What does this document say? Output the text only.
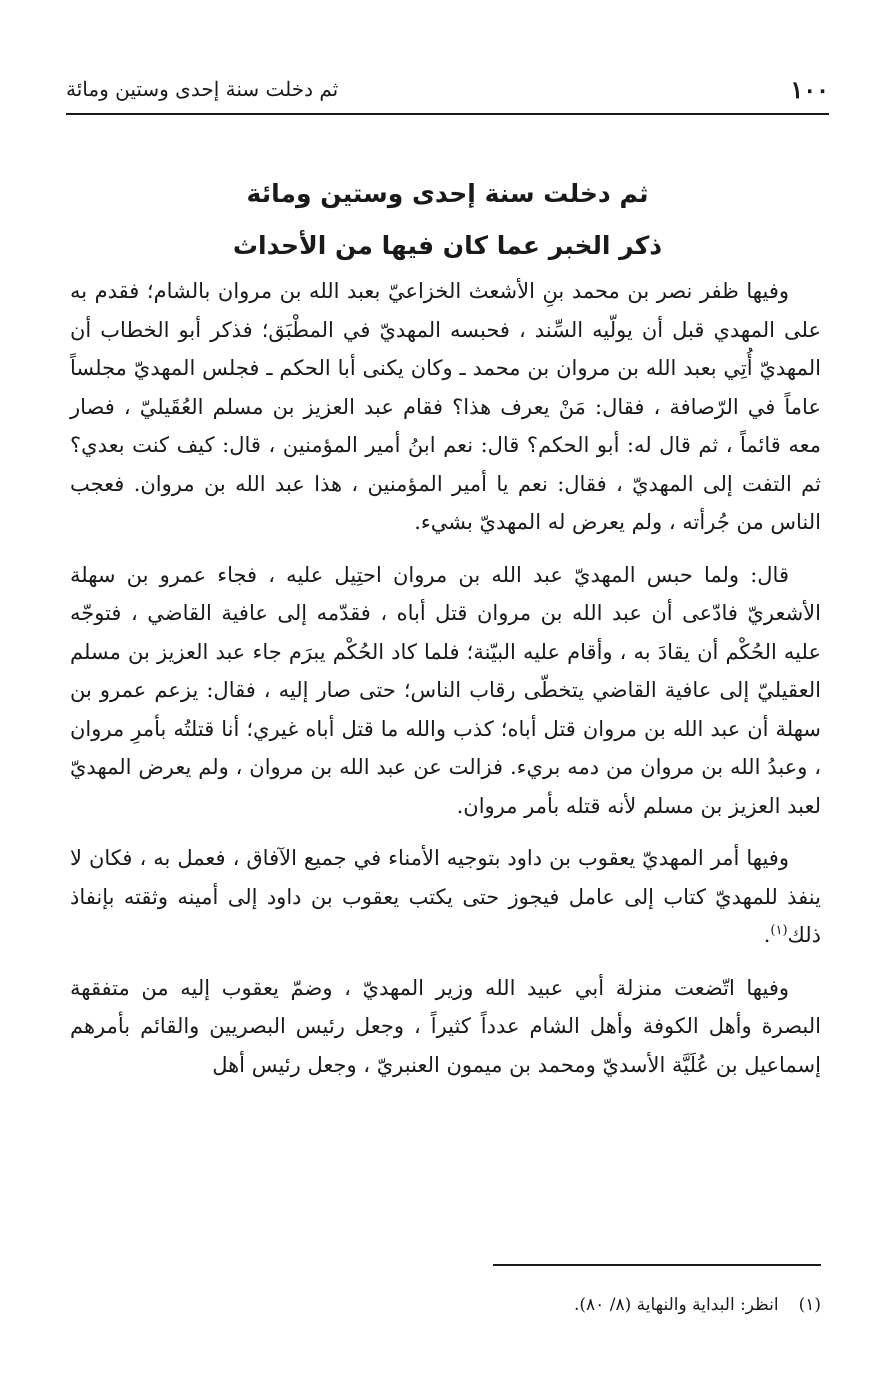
١٠٠
ثم دخلت سنة إحدى وستين ومائة

ثم دخلت سنة إحدى وستين ومائة

ذكر الخبر عما كان فيها من الأحداث

وفيها ظفر نصر بن محمد بنِ الأشعث الخزاعيّ بعبد الله بن مروان بالشام؛ فقدم به على المهدي قبل أن يولّيه السِّند ، فحبسه المهديّ في المطْبَق؛ فذكر أبو الخطاب أن المهديّ أُتِي بعبد الله بن مروان بن محمد ـ وكان يكنى أبا الحكم ـ فجلس المهديّ مجلساً عاماً في الرّصافة ، فقال: مَنْ يعرف هذا؟ فقام عبد العزيز بن مسلم العُقَيليّ ، فصار معه قائماً ، ثم قال له: أبو الحكم؟ قال: نعم ابنُ أمير المؤمنين ، قال: كيف كنت بعدي؟ ثم التفت إلى المهديّ ، فقال: نعم يا أمير المؤمنين ، هذا عبد الله بن مروان. فعجب الناس من جُرأته ، ولم يعرض له المهديّ بشيء.

قال: ولما حبس المهديّ عبد الله بن مروان احتِيل عليه ، فجاء عمرو بن سهلة الأشعريّ فادّعى أن عبد الله بن مروان قتل أباه ، فقدّمه إلى عافية القاضي ، فتوجّه عليه الحُكْم أن يقادَ به ، وأقام عليه البيّنة؛ فلما كاد الحُكْم يبرَم جاء عبد العزيز بن مسلم العقيليّ إلى عافية القاضي يتخطّى رقاب الناس؛ حتى صار إليه ، فقال: يزعم عمرو بن سهلة أن عبد الله بن مروان قتل أباه؛ كذب والله ما قتل أباه غيري؛ أنا قتلتُه بأمرِ مروان ، وعبدُ الله بن مروان من دمه بريء. فزالت عن عبد الله بن مروان ، ولم يعرض المهديّ لعبد العزيز بن مسلم لأنه قتله بأمر مروان.

وفيها أمر المهديّ يعقوب بن داود بتوجيه الأمناء في جميع الآفاق ، فعمل به ، فكان لا ينفذ للمهديّ كتاب إلى عامل فيجوز حتى يكتب يعقوب بن داود إلى أمينه وثقته بإنفاذ ذلك$^{(١)}$.

وفيها اتّضعت منزلة أبي عبيد الله وزير المهديّ ، وضمّ يعقوب إليه من متفقهة البصرة وأهل الكوفة وأهل الشام عدداً كثيراً ، وجعل رئيس البصريين والقائم بأمرهم إسماعيل بن عُلَيَّة الأسديّ ومحمد بن ميمون العنبريّ ، وجعل رئيس أهل

(١)انظر: البداية والنهاية (٨/ ٨٠).
